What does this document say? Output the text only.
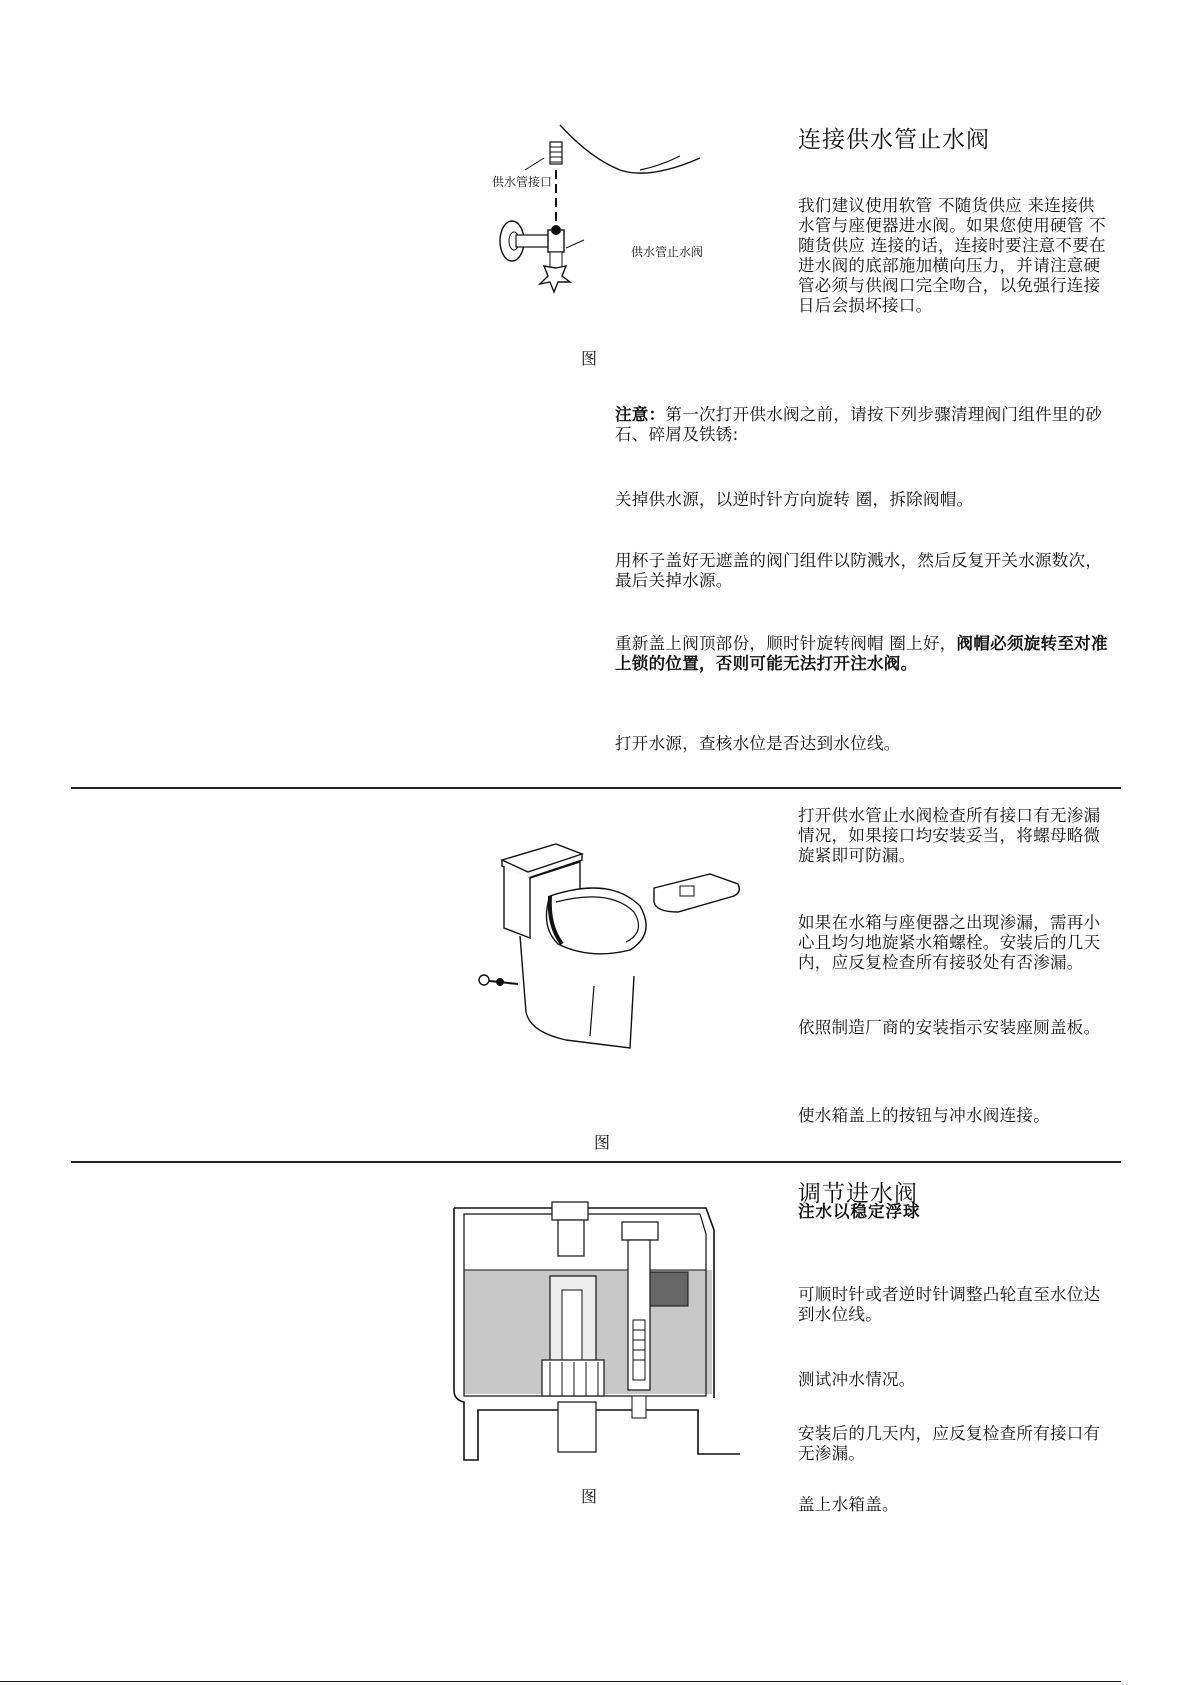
供水管接口
供水管止水阀
图
连接供水管止水阀
我们建议使用软管 不随货供应 来连接供水管与座便器进水阀。如果您使用硬管 不随货供应 连接的话，连接时要注意不要在进水阀的底部施加横向压力，并请注意硬管必须与供阀口完全吻合，以免强行连接日后会损坏接口。
注意：第一次打开供水阀之前，请按下列步骤清理阀门组件里的砂石、碎屑及铁锈:
关掉供水源，以逆时针方向旋转 圈，拆除阀帽。
用杯子盖好无遮盖的阀门组件以防溅水，然后反复开关水源数次，最后关掉水源。
重新盖上阀顶部份，顺时针旋转阀帽 圈上好，阀帽必须旋转至对准上锁的位置，否则可能无法打开注水阀。
打开水源，查核水位是否达到水位线。
打开供水管止水阀检查所有接口有无渗漏情况，如果接口均安装妥当，将螺母略微旋紧即可防漏。
如果在水箱与座便器之出现渗漏，需再小心且均匀地旋紧水箱螺栓。安装后的几天内，应反复检查所有接驳处有否渗漏。
依照制造厂商的安装指示安装座厕盖板。
使水箱盖上的按钮与冲水阀连接。
图
图
调节进水阀
注水以稳定浮球
可顺时针或者逆时针调整凸轮直至水位达到水位线。
测试冲水情况。
安装后的几天内，应反复检查所有接口有无渗漏。
盖上水箱盖。
